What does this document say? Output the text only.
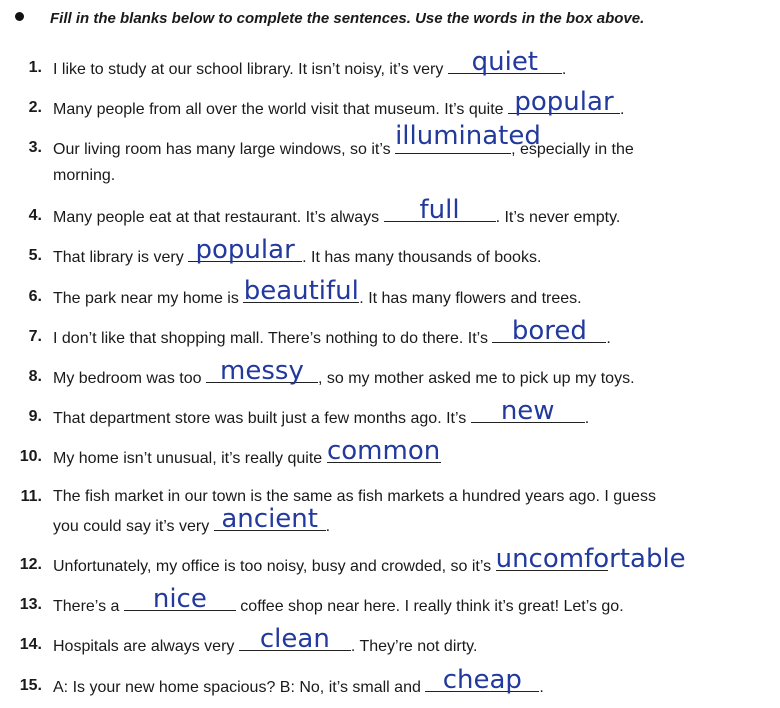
Fill in the blanks below to complete the sentences. Use the words in the box above.
1. I like to study at our school library. It isn’t noisy, it’s very quiet	.
2. Many people from all over the world visit that museum. It’s quite popular .
3. Our living room has many large windows, so it’s illuminated
, especially in the
morning.
4. Many people eat at that restaurant. It’s always	full	. It’s never empty.
5. That library is very popular . It has many thousands of books.
6. The park near my home is beautiful . It has many flowers and trees.
7. I don’t like that shopping mall. There’s nothing to do there. It’s bored	.
8. My bedroom was too messy , so my mother asked me to pick up my toys.
9. That department store was built just a few months ago. It’s	new	.
10. My home isn’t unusual, it’s really quite common
11. The fish market in our town is the same as fish markets a hundred years ago. I guess
you could say it’s very ancient .
12. Unfortunately, my office is too noisy, busy and crowded, so it’s uncomfortable
13. There’s a	nice	coffee shop near here. I really think it’s great! Let’s go.
14. Hospitals are always very clean	. They’re not dirty.
15. A: Is your new home spacious? B: No, it’s small and cheap	.
